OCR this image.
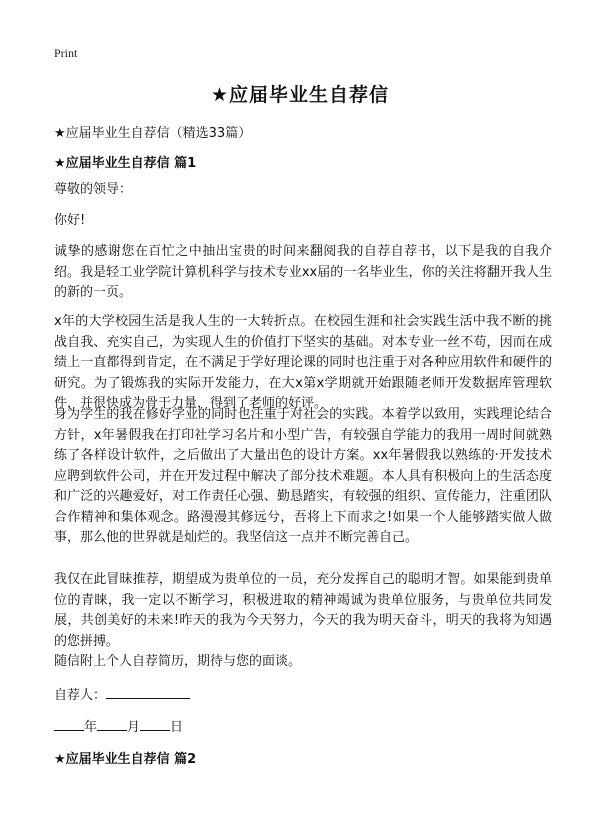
Print
★应届毕业生自荐信
★应届毕业生自荐信（精选33篇）
★应届毕业生自荐信 篇1
尊敬的领导：
你好!
诚挚的感谢您在百忙之中抽出宝贵的时间来翻阅我的自荐自荐书，以下是我的自我介绍。我是轻工业学院计算机科学与技术专业xx届的一名毕业生，你的关注将翻开我人生的新的一页。
x年的大学校园生活是我人生的一大转折点。在校园生涯和社会实践生活中我不断的挑战自我、充实自己，为实现人生的价值打下坚实的基础。对本专业一丝不苟，因而在成绩上一直都得到肯定，在不满足于学好理论课的同时也注重于对各种应用软件和硬件的研究。为了锻炼我的实际开发能力，在大x第x学期就开始跟随老师开发数据库管理软件，并很快成为骨干力量，得到了老师的好评。
身为学生的我在修好学业的同时也注重于对社会的实践。本着学以致用，实践理论结合方针，x年暑假我在打印社学习名片和小型广告，有较强自学能力的我用一周时间就熟练了各样设计软件，之后做出了大量出色的设计方案。xx年暑假我以熟练的·开发技术应聘到软件公司，并在开发过程中解决了部分技术难题。本人具有积极向上的生活态度和广泛的兴趣爱好，对工作责任心强、勤恳踏实，有较强的组织、宣传能力，注重团队合作精神和集体观念。路漫漫其修远兮，吾将上下而求之!如果一个人能够踏实做人做事，那么他的世界就是灿烂的。我坚信这一点并不断完善自己。
我仅在此冒昧推荐，期望成为贵单位的一员，充分发挥自己的聪明才智。如果能到贵单位的青睐，我一定以不断学习，积极进取的精神竭诚为贵单位服务，与贵单位共同发展，共创美好的未来!昨天的我为今天努力，今天的我为明天奋斗，明天的我将为知遇的您拼搏。
随信附上个人自荐简历，期待与您的面谈。
自荐人：
年 月 日
★应届毕业生自荐信 篇2
